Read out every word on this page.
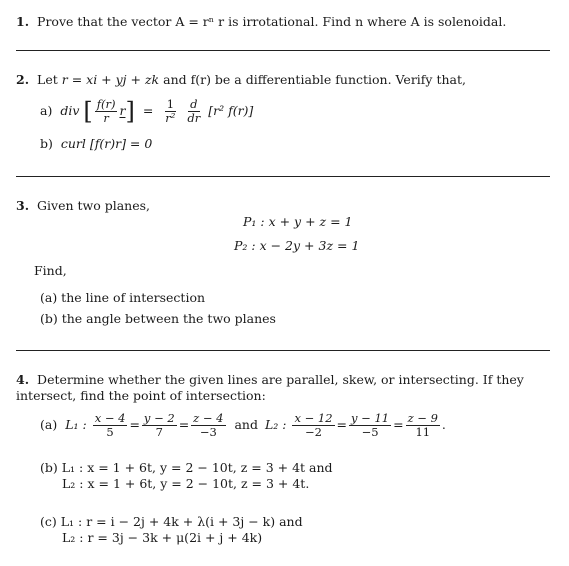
1. Prove that the vector A = rⁿ r is irrotational. Find n where A is solenoidal.
2. Let r = xi + yj + zk and f(r) be a differentiable function. Verify that,
a) div [ $\frac{f(r)}{r} r] = \frac{1}{\text{r²}}$
$\frac{d}{dr} [r^2$ f(r)]
b) curl [f(r)r] = 0
3. Given two planes,
P₁ : x + y + z = 1
P₂ : x − 2y + 3z = 1
Find,
(a) the line of intersection
(b) the angle between the two planes
4. Determine whether the given lines are parallel, skew, or intersecting. If they intersect, find the point of intersection:
(a) L₁ : $\frac{x - 4}{5} = \frac{y - 2}{7} = \frac{z - 4}{-3}$ and L₂ : $\frac{x - 12}{-2} = \frac{y - 11}{-5} = \frac{z - 9}{11}$ .
(b) L₁ : x = 1 + 6t, y = 2 − 10t, z = 3 + 4t and
L₂ : x = 1 + 6t, y = 2 − 10t, z = 3 + 4t.
(c) L₁ : r = i − 2j + 4k + λ(i + 3j − k) and
L₂ : r = 3j − 3k + μ(2i + j + 4k)
